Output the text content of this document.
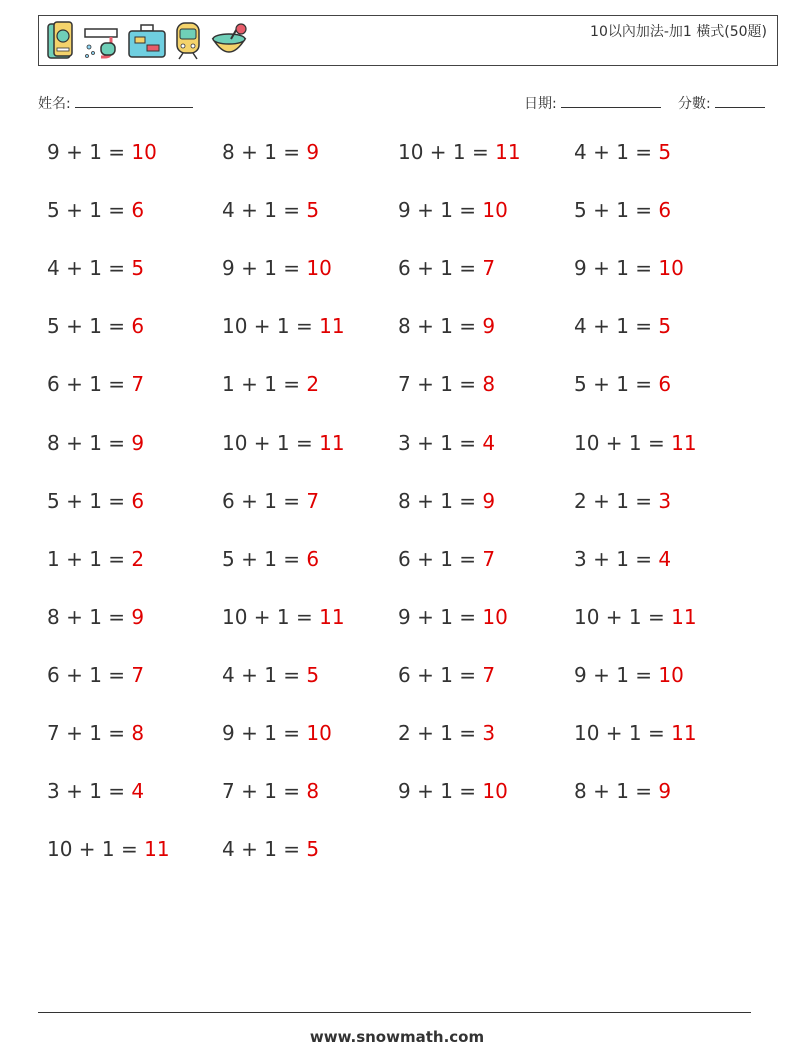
10以內加法-加1 橫式(50題)
姓名:	日期:	分數:
9 + 1 = 10	8 + 1 = 9	10 + 1 = 11	4 + 1 = 5
5 + 1 = 6	4 + 1 = 5	9 + 1 = 10	5 + 1 = 6
4 + 1 = 5	9 + 1 = 10	6 + 1 = 7	9 + 1 = 10
5 + 1 = 6	10 + 1 = 11	8 + 1 = 9	4 + 1 = 5
6 + 1 = 7	1 + 1 = 2	7 + 1 = 8	5 + 1 = 6
8 + 1 = 9	10 + 1 = 11	3 + 1 = 4	10 + 1 = 11
5 + 1 = 6	6 + 1 = 7	8 + 1 = 9	2 + 1 = 3
1 + 1 = 2	5 + 1 = 6	6 + 1 = 7	3 + 1 = 4
8 + 1 = 9	10 + 1 = 11	9 + 1 = 10	10 + 1 = 11
6 + 1 = 7	4 + 1 = 5	6 + 1 = 7	9 + 1 = 10
7 + 1 = 8	9 + 1 = 10	2 + 1 = 3	10 + 1 = 11
3 + 1 = 4	7 + 1 = 8	9 + 1 = 10	8 + 1 = 9
10 + 1 = 11	4 + 1 = 5
www.snowmath.com
